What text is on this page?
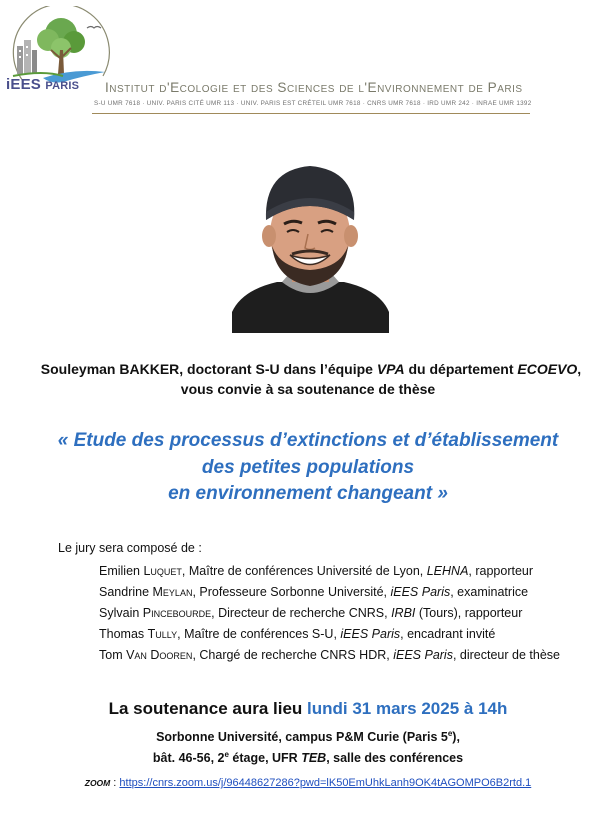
iEES PARIS Institut d'Ecologie et des Sciences de l'Environnement de Paris
S-U UMR 7618 · UNIV. PARIS CITÉ UMR 113 · UNIV. PARIS EST CRÉTEIL UMR 7618 · CNRS UMR 7618 · IRD UMR 242 · INRAE UMR 1392
Souleyman BAKKER, doctorant S-U dans l’équipe VPA du département ECOEVO,
vous convie à sa soutenance de thèse
« Etude des processus d’extinctions et d’établissement
des petites populations
en environnement changeant »
Le jury sera composé de :
Emilien Luquet, Maître de conférences Université de Lyon, LEHNA, rapporteur
Sandrine Meylan, Professeure Sorbonne Université, iEES Paris, examinatrice
Sylvain Pincebourde, Directeur de recherche CNRS, IRBI (Tours), rapporteur
Thomas Tully, Maître de conférences S-U, iEES Paris, encadrant invité
Tom Van Dooren, Chargé de recherche CNRS HDR, iEES Paris, directeur de thèse
La soutenance aura lieu lundi 31 mars 2025 à 14h
Sorbonne Université, campus P&M Curie (Paris 5e),
bât. 46-56, 2e étage, UFR TEB, salle des conférences
ZOOM : https://cnrs.zoom.us/j/96448627286?pwd=lK50EmUhkLanh9OK4tAGOMPO6B2rtd.1
